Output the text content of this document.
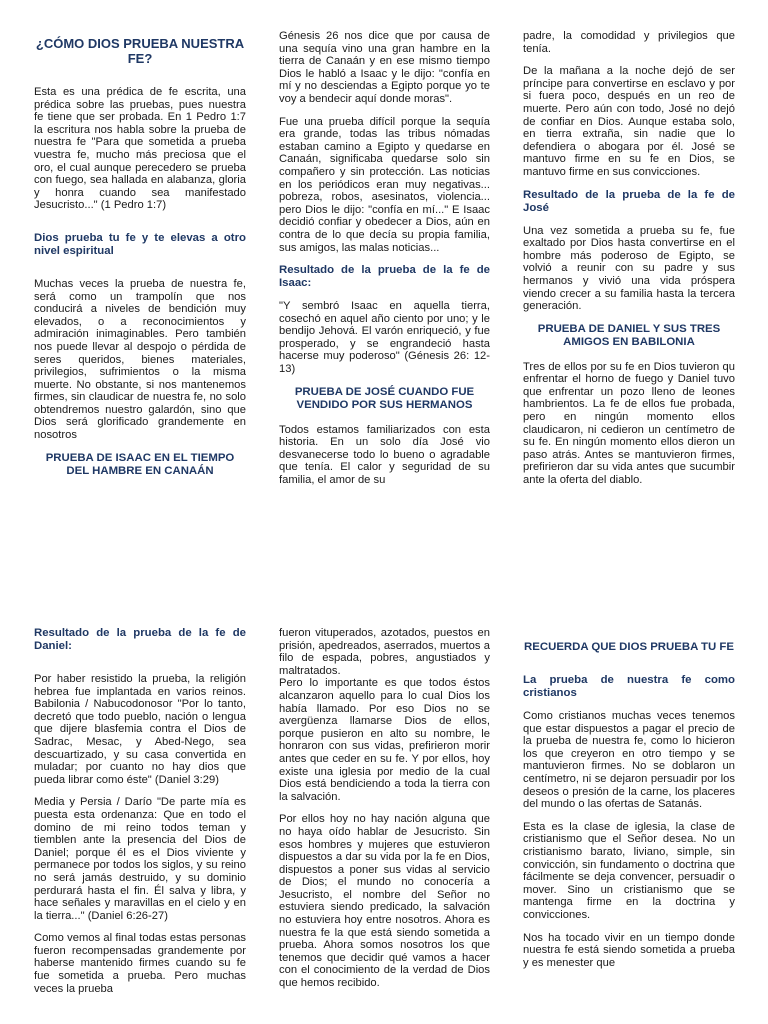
¿CÓMO DIOS PRUEBA NUESTRA FE?

Esta es una prédica de fe escrita, una prédica sobre las pruebas, pues nuestra fe tiene que ser probada. En 1 Pedro 1:7 la escritura nos habla sobre la prueba de nuestra fe "Para que sometida a prueba vuestra fe, mucho más preciosa que el oro, el cual aunque perecedero se prueba con fuego, sea hallada en alabanza, gloria y honra cuando sea manifestado Jesucristo..." (1 Pedro 1:7)

Dios prueba tu fe y te elevas a otro nivel espiritual

Muchas veces la prueba de nuestra fe, será como un trampolín que nos conducirá a niveles de bendición muy elevados, o a reconocimientos y admiración inimaginables. Pero también nos puede llevar al despojo o pérdida de seres queridos, bienes materiales, privilegios, sufrimientos o la misma muerte. No obstante, si nos mantenemos firmes, sin claudicar de nuestra fe, no solo obtendremos nuestro galardón, sino que Dios será glorificado grandemente en nosotros

PRUEBA DE ISAAC EN EL TIEMPO DEL HAMBRE EN CANAÁN

Génesis 26 nos dice que por causa de una sequía vino una gran hambre en la tierra de Canaán y en ese mismo tiempo Dios le habló a Isaac y le dijo: "confía en mí y no desciendas a Egipto porque yo te voy a bendecir aquí donde moras".

Fue una prueba difícil porque la sequía era grande, todas las tribus nómadas estaban camino a Egipto y quedarse en Canaán, significaba quedarse solo sin compañero y sin protección. Las noticias en los periódicos eran muy negativas... pobreza, robos, asesinatos, violencia... pero Dios le dijo: "confía en mí..." E Isaac decidió confiar y obedecer a Dios, aún en contra de lo que decía su propia familia, sus amigos, las malas noticias...

Resultado de la prueba de la fe de Isaac:

"Y sembró Isaac en aquella tierra, cosechó en aquel año ciento por uno; y le bendijo Jehová. El varón enriqueció, y fue prosperado, y se engrandeció hasta hacerse muy poderoso" (Génesis 26: 12-13)

PRUEBA DE JOSÉ CUANDO FUE VENDIDO POR SUS HERMANOS

Todos estamos familiarizados con esta historia. En un solo día José vio desvanecerse todo lo bueno o agradable que tenía. El calor y seguridad de su familia, el amor de su

padre, la comodidad y privilegios que tenía.

De la mañana a la noche dejó de ser príncipe para convertirse en esclavo y por si fuera poco, después en un reo de muerte. Pero aún con todo, José no dejó de confiar en Dios. Aunque estaba solo, en tierra extraña, sin nadie que lo defendiera o abogara por él. José se mantuvo firme en su fe en Dios, se mantuvo firme en sus convicciones.

Resultado de la prueba de la fe de José

Una vez sometida a prueba su fe, fue exaltado por Dios hasta convertirse en el hombre más poderoso de Egipto, se volvió a reunir con su padre y sus hermanos y vivió una vida próspera viendo crecer a su familia hasta la tercera generación.

PRUEBA DE DANIEL Y SUS TRES AMIGOS EN BABILONIA

Tres de ellos por su fe en Dios tuvieron qu enfrentar el horno de fuego y Daniel tuvo que enfrentar un pozo lleno de leones hambrientos. La fe de ellos fue probada, pero en ningún momento ellos claudicaron, ni cedieron un centímetro de su fe. En ningún momento ellos dieron un paso atrás. Antes se mantuvieron firmes, prefirieron dar su vida antes que sucumbir ante la oferta del diablo.

Resultado de la prueba de la fe de Daniel:

Por haber resistido la prueba, la religión hebrea fue implantada en varios reinos. Babilonia / Nabucodonosor "Por lo tanto, decretó que todo pueblo, nación o lengua que dijere blasfemia contra el Dios de Sadrac, Mesac, y Abed-Nego, sea descuartizado, y su casa convertida en muladar; por cuanto no hay dios que pueda librar como éste" (Daniel 3:29)

Media y Persia / Darío "De parte mía es puesta esta ordenanza: Que en todo el domino de mi reino todos teman y tiemblen ante la presencia del Dios de Daniel; porque él es el Dios viviente y permanece por todos los siglos, y su reino no será jamás destruido, y su dominio perdurará hasta el fin. Él salva y libra, y hace señales y maravillas en el cielo y en la tierra..." (Daniel 6:26-27)

Como vemos al final todas estas personas fueron recompensadas grandemente por haberse mantenido firmes cuando su fe fue sometida a prueba. Pero muchas veces la prueba

fueron vituperados, azotados, puestos en prisión, apedreados, aserrados, muertos a filo de espada, pobres, angustiados y maltratados.

Pero lo importante es que todos éstos alcanzaron aquello para lo cual Dios los había llamado. Por eso Dios no se avergüenza llamarse Dios de ellos, porque pusieron en alto su nombre, le honraron con sus vidas, prefirieron morir antes que ceder en su fe. Y por ellos, hoy existe una iglesia por medio de la cual Dios está bendiciendo a toda la tierra con la salvación.

Por ellos hoy no hay nación alguna que no haya oído hablar de Jesucristo. Sin esos hombres y mujeres que estuvieron dispuestos a dar su vida por la fe en Dios, dispuestos a poner sus vidas al servicio de Dios; el mundo no conocería a Jesucristo, el nombre del Señor no estuviera siendo predicado, la salvación no estuviera hoy entre nosotros. Ahora es nuestra fe la que está siendo sometida a prueba. Ahora somos nosotros los que tenemos que decidir qué vamos a hacer con el conocimiento de la verdad de Dios que hemos recibido.

RECUERDA QUE DIOS PRUEBA TU FE
La prueba de nuestra fe como cristianos

Como cristianos muchas veces tenemos que estar dispuestos a pagar el precio de la prueba de nuestra fe, como lo hicieron los que creyeron en otro tiempo y se mantuvieron firmes. No se doblaron un centímetro, ni se dejaron persuadir por los deseos o presión de la carne, los placeres del mundo o las ofertas de Satanás.

Esta es la clase de iglesia, la clase de cristianismo que el Señor desea. No un cristianismo barato, liviano, simple, sin convicción, sin fundamento o doctrina que fácilmente se deja convencer, persuadir o mover. Sino un cristianismo que se mantenga firme en la doctrina y convicciones.

Nos ha tocado vivir en un tiempo donde nuestra fe está siendo sometida a prueba y es menester que
